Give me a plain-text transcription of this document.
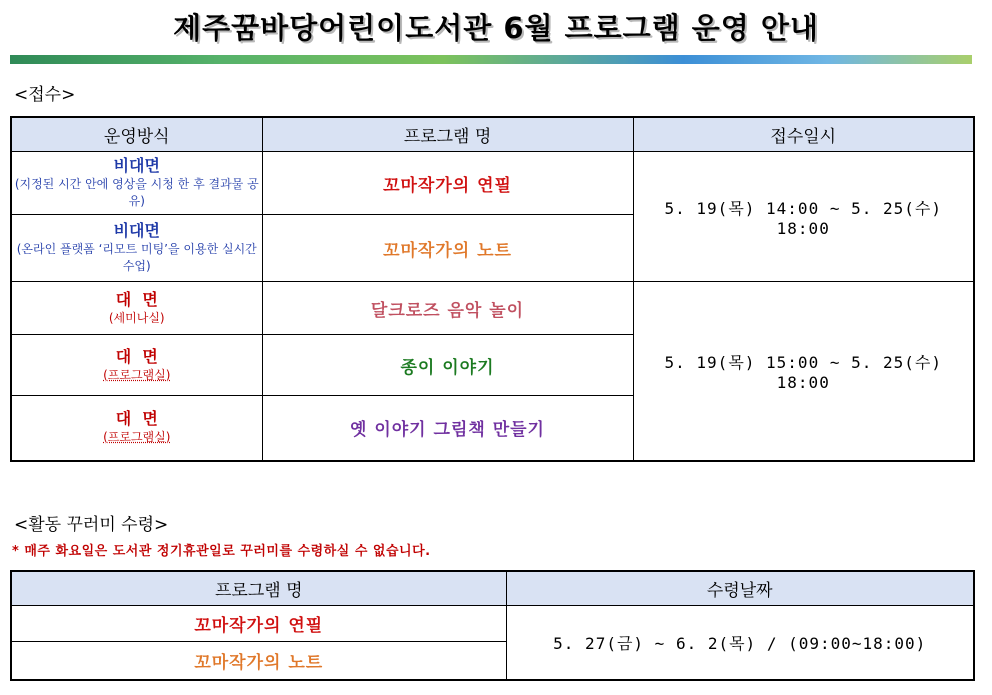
제주꿈바당어린이도서관 6월 프로그램 운영 안내
<접수>
운영방식	프로그램 명	접수일시

비대면
(지정된 시간 안에 영상을 시청 한 후 결과물 공유)	꼬마작가의 연필	5. 19(목) 14:00 ~ 5. 25(수) 18:00

비대면
(온라인 플랫폼 ‘리모트 미팅’을 이용한 실시간 수업)	꼬마작가의 노트	

대  면
(세미나실)	달크로즈 음악 놀이	5. 19(목) 15:00 ~ 5. 25(수) 18:00

대  면
(프로그램실)	종이 이야기	

대  면
(프로그램실)	옛 이야기 그림책 만들기	
<활동 꾸러미 수령>
* 매주 화요일은 도서관 정기휴관일로 꾸러미를 수령하실 수 없습니다.
프로그램 명	수령날짜
꼬마작가의 연필	5. 27(금) ~ 6. 2(목) / (09:00~18:00)
꼬마작가의 노트	
